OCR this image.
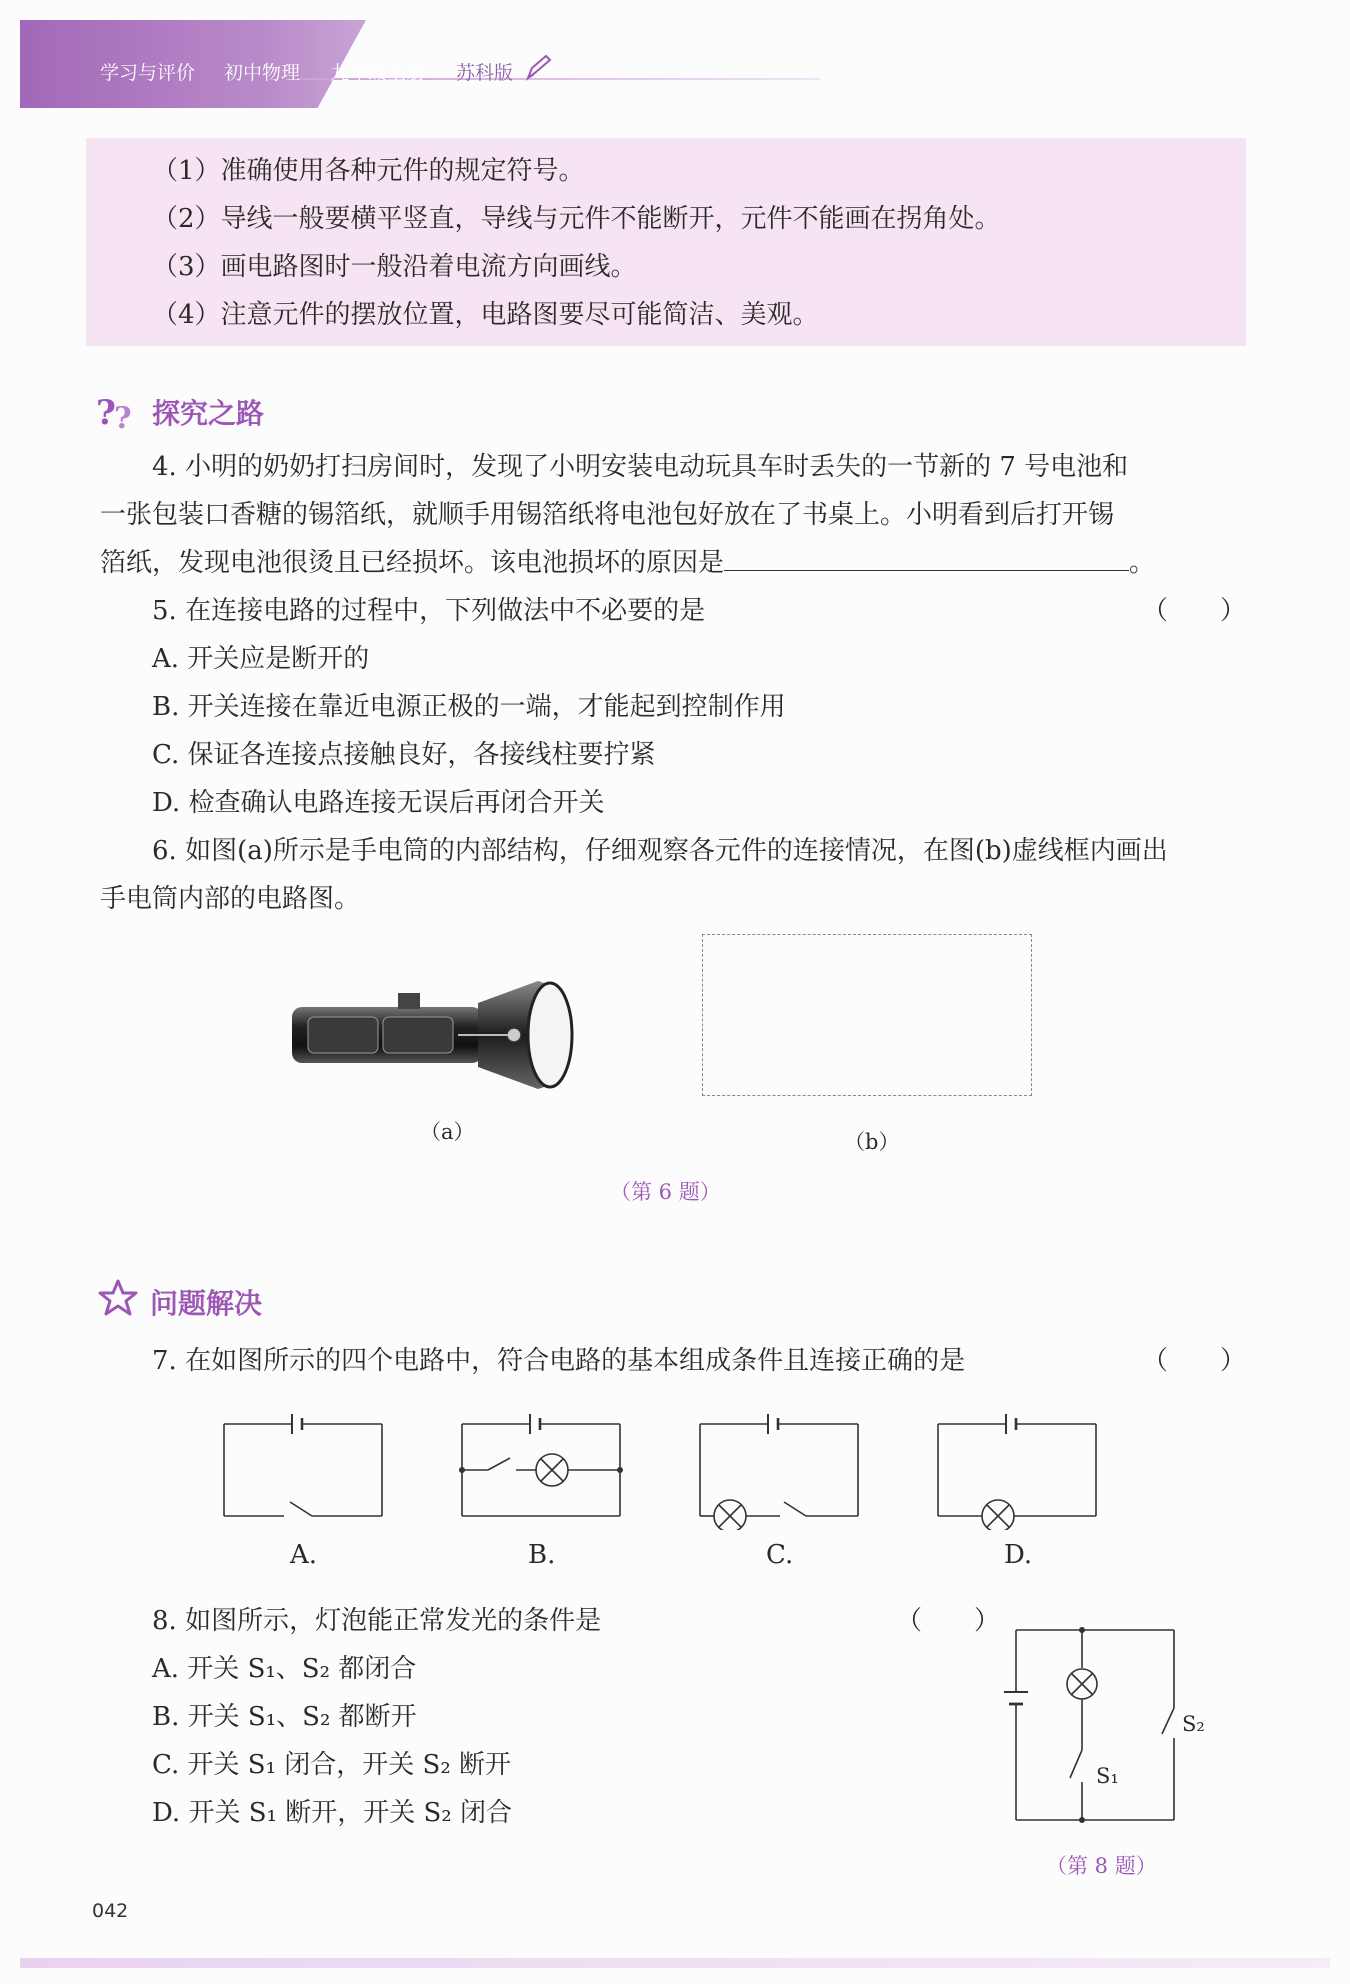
学习与评价 初中物理 九年级上册 苏科版
（1）准确使用各种元件的规定符号。
（2）导线一般要横平竖直，导线与元件不能断开，元件不能画在拐角处。
（3）画电路图时一般沿着电流方向画线。
（4）注意元件的摆放位置，电路图要尽可能简洁、美观。
?
? 探究之路
4. 小明的奶奶打扫房间时，发现了小明安装电动玩具车时丢失的一节新的 7 号电池和
一张包装口香糖的锡箔纸，就顺手用锡箔纸将电池包好放在了书桌上。小明看到后打开锡
箔纸，发现电池很烫且已经损坏。该电池损坏的原因是	。
5. 在连接电路的过程中，下列做法中不必要的是	（　　）
A. 开关应是断开的
B. 开关连接在靠近电源正极的一端，才能起到控制作用
C. 保证各连接点接触良好，各接线柱要拧紧
D. 检查确认电路连接无误后再闭合开关
6. 如图(a)所示是手电筒的内部结构，仔细观察各元件的连接情况，在图(b)虚线框内画出
手电筒内部的电路图。
（a）	（b）
（第 6 题）
问题解决
7. 在如图所示的四个电路中，符合电路的基本组成条件且连接正确的是	（　　）
A.	B.	C.	D.
8. 如图所示，灯泡能正常发光的条件是	（　　）
A. 开关 S₁、S₂ 都闭合
B. 开关 S₁、S₂ 都断开
C. 开关 S₁ 闭合，开关 S₂ 断开
D. 开关 S₁ 断开，开关 S₂ 闭合
S₁
S₂
（第 8 题）
042
